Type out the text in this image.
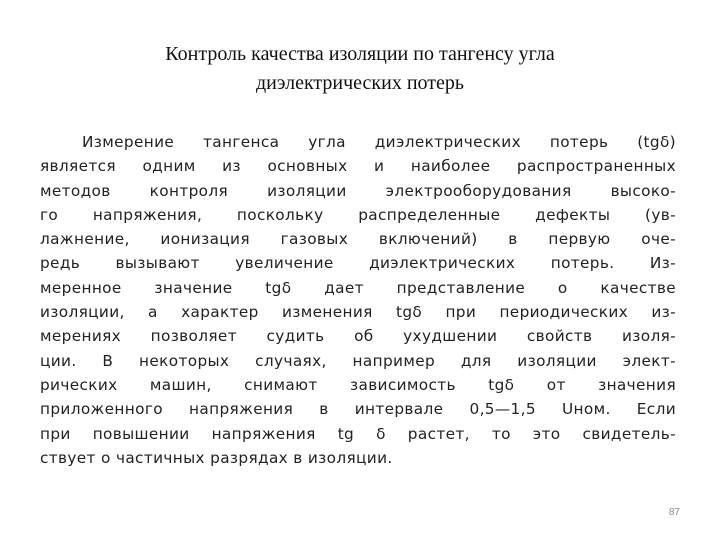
Контроль качества изоляции по тангенсу угла
диэлектрических потерь
Измерение тангенса угла диэлектрических потерь (tgδ)
является одним из основных и наиболее распространенных
методов контроля изоляции электрооборудования высоко-
го напряжения, поскольку распределенные дефекты (ув-
лажнение, ионизация газовых включений) в первую оче-
редь вызывают увеличение диэлектрических потерь. Из-
меренное значение tgδ дает представление о качестве
изоляции, а характер изменения tgδ при периодических из-
мерениях позволяет судить об ухудшении свойств изоля-
ции. В некоторых случаях, например для изоляции элект-
рических машин, снимают зависимость tgδ от значения
приложенного напряжения в интервале 0,5—1,5 Uном. Если
при повышении напряжения tg δ растет, то это свидетель-
ствует о частичных разрядах в изоляции.
87
